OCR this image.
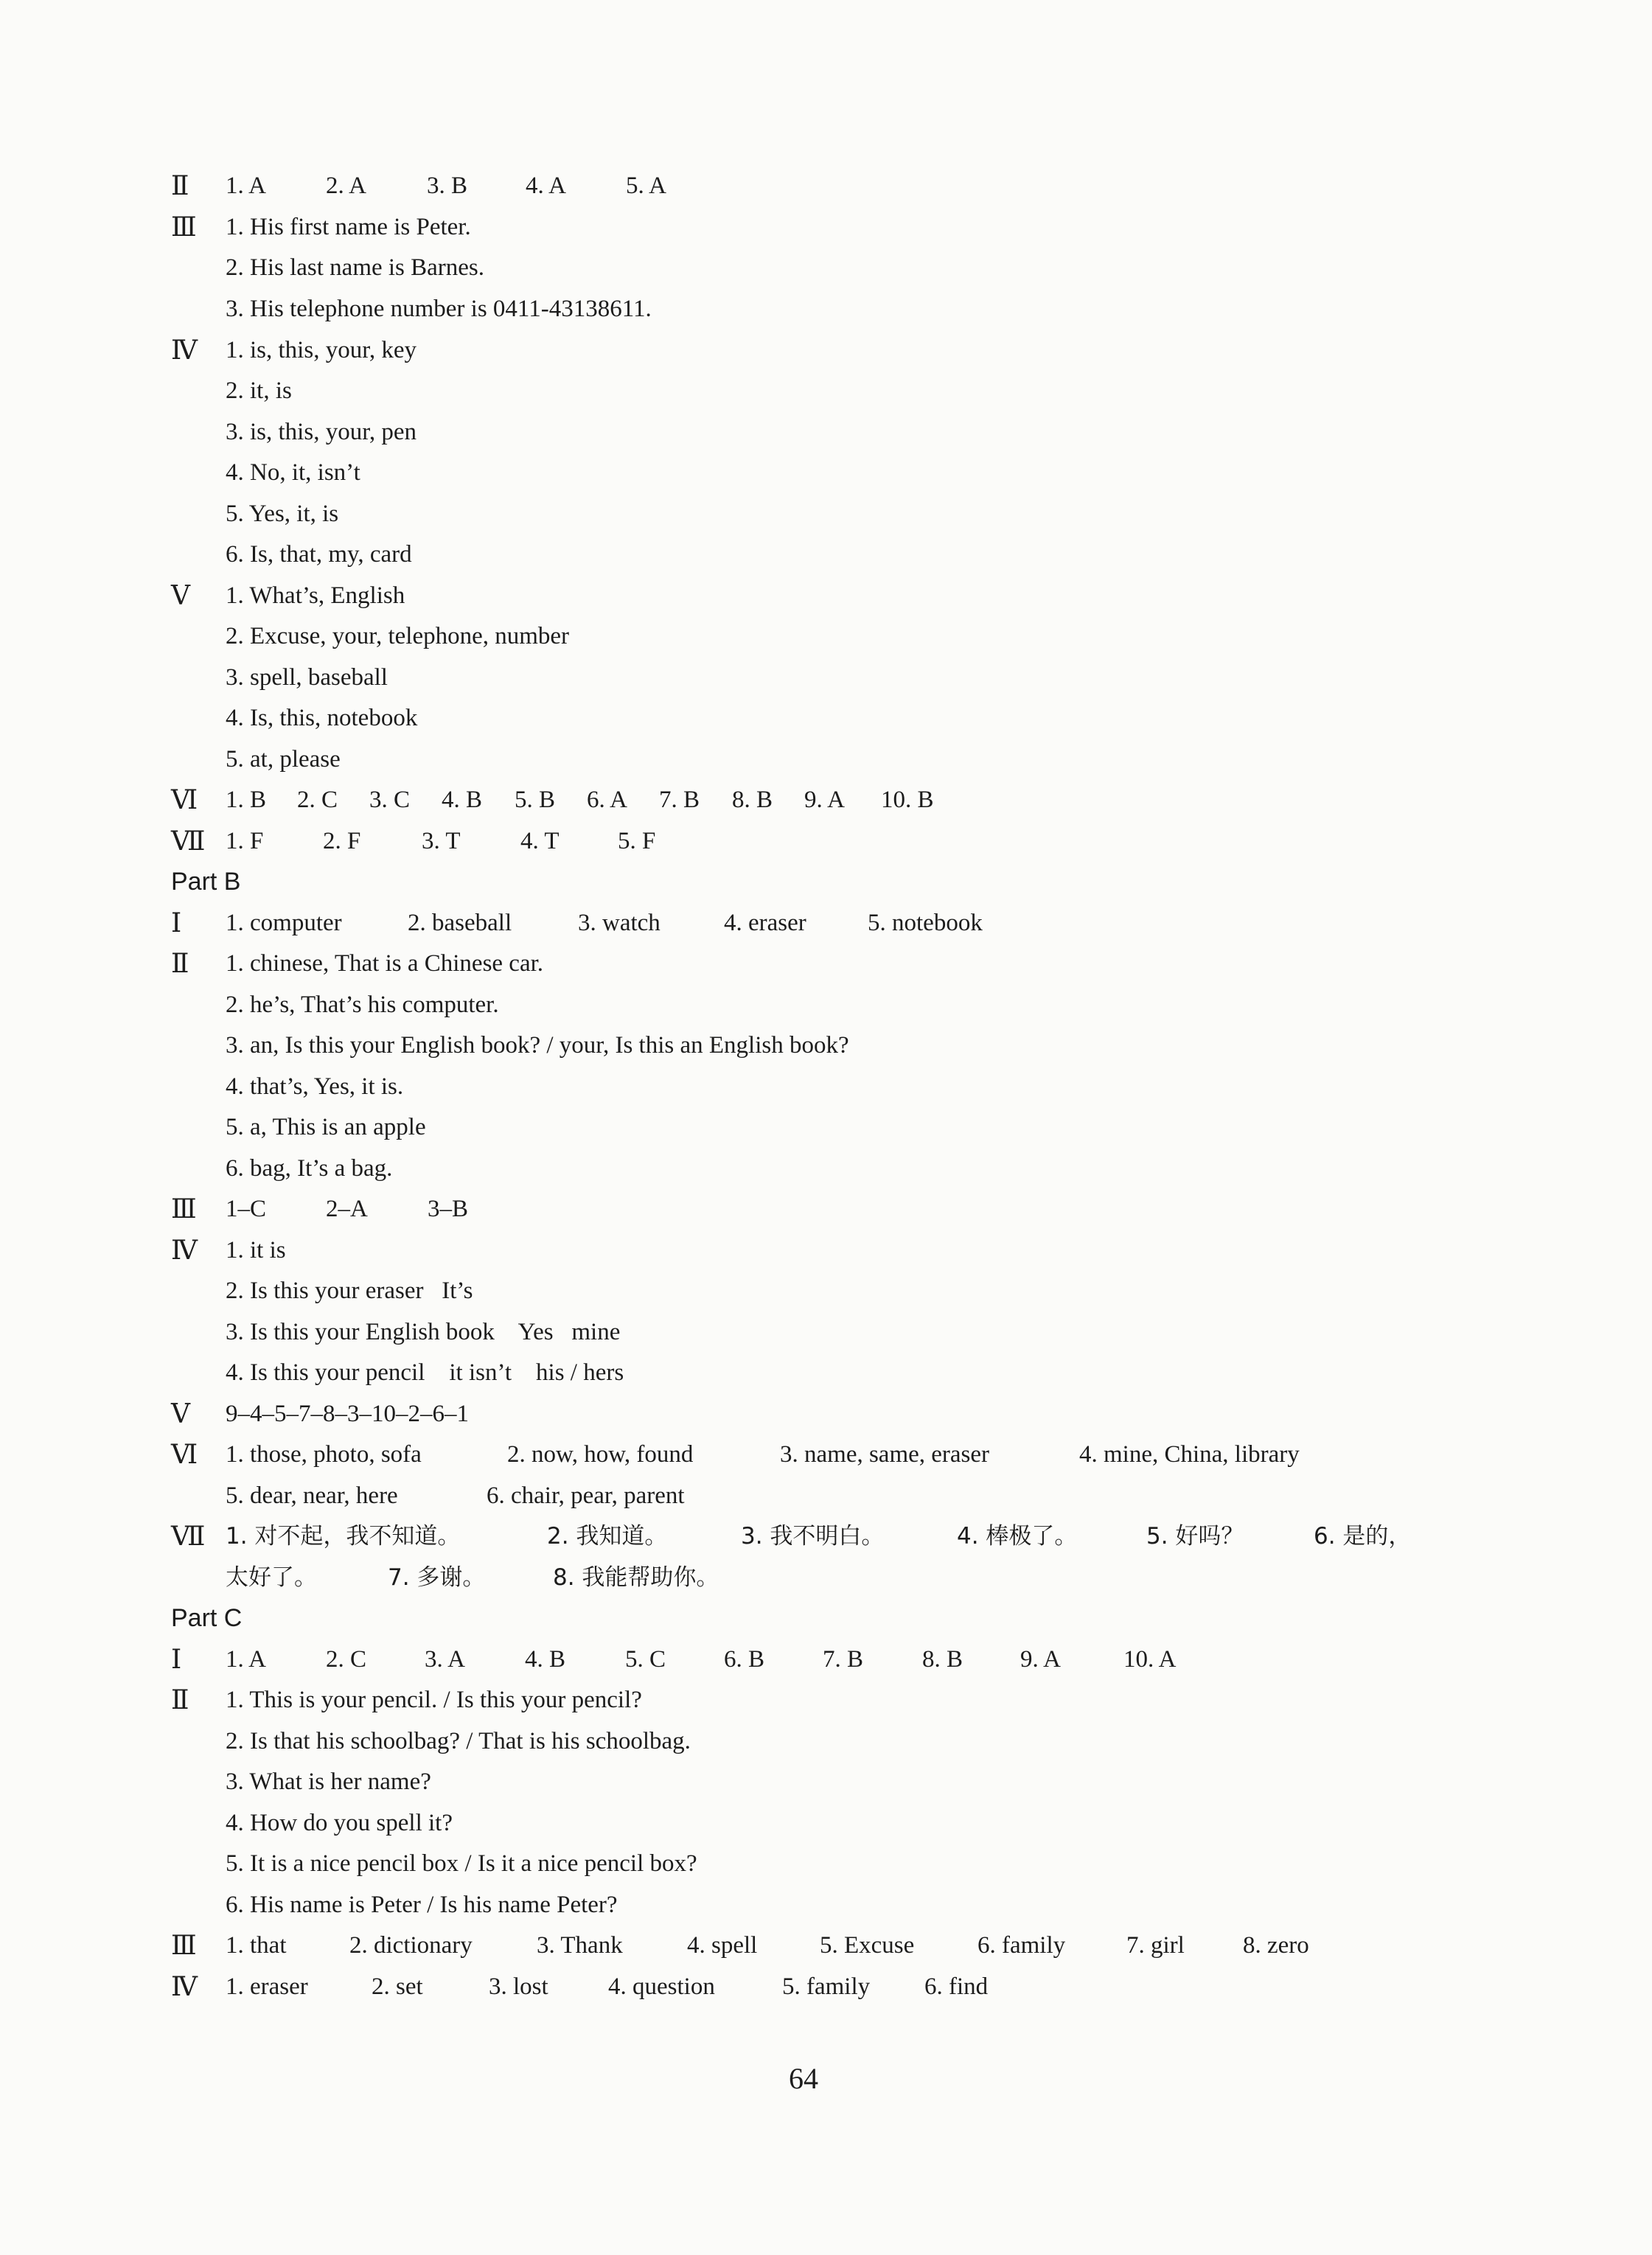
Ⅱ	1. A 2. A 3. B 4. A 5. A
Ⅲ	1. His first name is Peter.
2. His last name is Barnes.
3. His telephone number is 0411-43138611.
Ⅳ	1. is, this, your, key
2. it, is
3. is, this, your, pen
4. No, it, isn’t
5. Yes, it, is
6. Is, that, my, card
Ⅴ	1. What’s, English
2. Excuse, your, telephone, number
3. spell, baseball
4. Is, this, notebook
5. at, please
Ⅵ	1. B 2. C 3. C 4. B 5. B 6. A 7. B 8. B 9. A 10. B
Ⅶ 1. F 2. F	3. T 4. T 5. F
Part B
Ⅰ	1. computer	2. baseball	3. watch	4. eraser	5. notebook
Ⅱ	1. chinese, That is a Chinese car.
2. he’s, That’s his computer.
3. an, Is this your English book? / your, Is this an English book?
4. that’s, Yes, it is.
5. a, This is an apple
6. bag, It’s a bag.
Ⅲ	1–C 2–A 3–B
Ⅳ	1. it is
2. Is this your eraser   It’s
3. Is this your English book    Yes   mine
4. Is this your pencil    it isn’t    his / hers
Ⅴ	9–4–5–7–8–3–10–2–6–1
Ⅵ	1. those, photo, sofa	2. now, how, found	3. name, same, eraser	4. mine, China, library
5. dear, near, here	6. chair, pear, parent
Ⅶ 1. 对不起，我不知道。	2. 我知道。	3. 我不明白。	4. 棒极了。	5. 好吗？	6. 是的，
太好了。	7. 多谢。	8. 我能帮助你。
Part C
Ⅰ	1. A 2. C 3. A 4. B 5. C 6. B 7. B 8. B 9. A	10. A
Ⅱ	1. This is your pencil. / Is this your pencil?
2. Is that his schoolbag? / That is his schoolbag.
3. What is her name?
4. How do you spell it?
5. It is a nice pencil box / Is it a nice pencil box?
6. His name is Peter / Is his name Peter?
Ⅲ	1. that	2. dictionary	3. Thank	4. spell	5. Excuse	6. family	7. girl 8. zero
Ⅳ	1. eraser	2. set	3. lost 4. question	5. family 6. find
64
